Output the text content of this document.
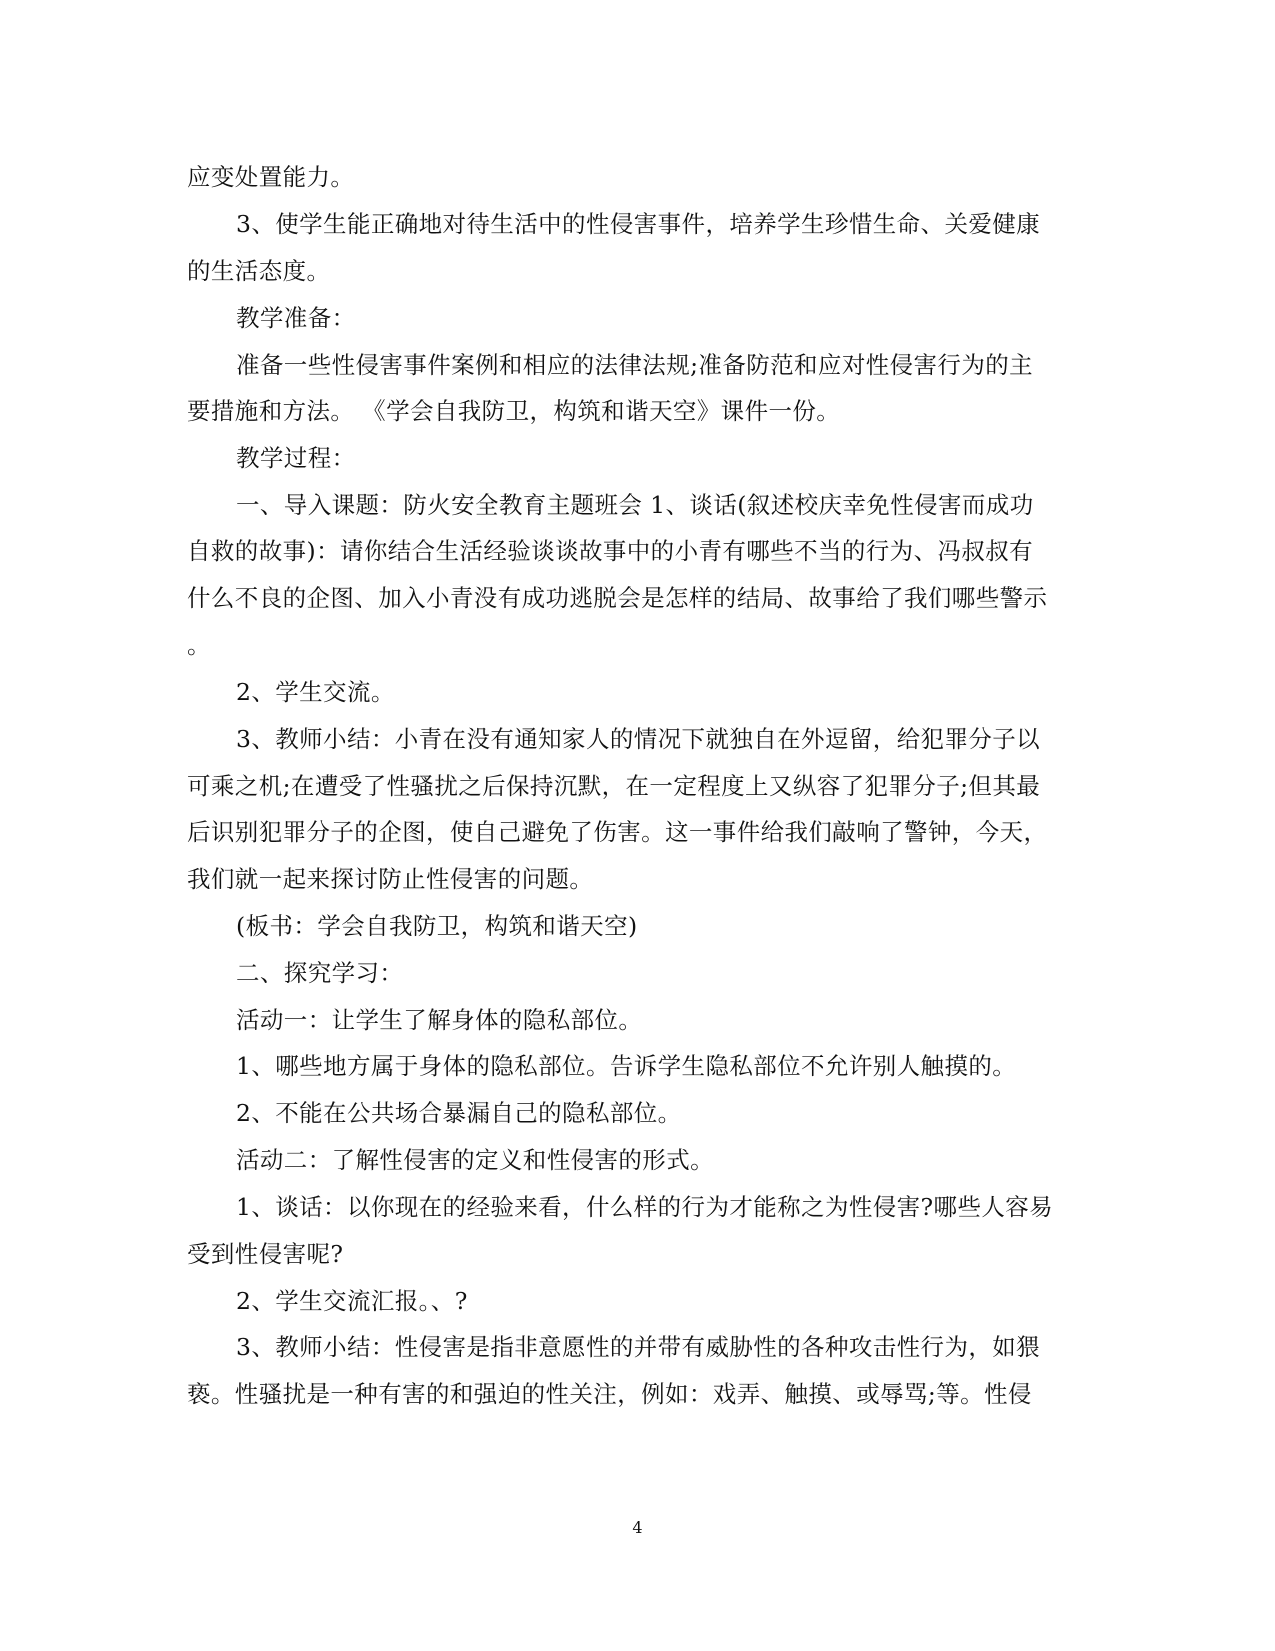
应变处置能力。
3、使学生能正确地对待生活中的性侵害事件，培养学生珍惜生命、关爱健康
的生活态度。
教学准备：
准备一些性侵害事件案例和相应的法律法规;准备防范和应对性侵害行为的主
要措施和方法。 《学会自我防卫，构筑和谐天空》课件一份。
教学过程：
一、导入课题：防火安全教育主题班会 1、谈话(叙述校庆幸免性侵害而成功
自救的故事)：请你结合生活经验谈谈故事中的小青有哪些不当的行为、冯叔叔有
什么不良的企图、加入小青没有成功逃脱会是怎样的结局、故事给了我们哪些警示
。
2、学生交流。
3、教师小结：小青在没有通知家人的情况下就独自在外逗留，给犯罪分子以
可乘之机;在遭受了性骚扰之后保持沉默，在一定程度上又纵容了犯罪分子;但其最
后识别犯罪分子的企图，使自己避免了伤害。这一事件给我们敲响了警钟，今天，
我们就一起来探讨防止性侵害的问题。
(板书：学会自我防卫，构筑和谐天空)
二、探究学习：
活动一：让学生了解身体的隐私部位。
1、哪些地方属于身体的隐私部位。告诉学生隐私部位不允许别人触摸的。
2、不能在公共场合暴漏自己的隐私部位。
活动二：了解性侵害的定义和性侵害的形式。
1、谈话：以你现在的经验来看，什么样的行为才能称之为性侵害?哪些人容易
受到性侵害呢?
2、学生交流汇报。、?
3、教师小结：性侵害是指非意愿性的并带有威胁性的各种攻击性行为，如猥
亵。性骚扰是一种有害的和强迫的性关注，例如：戏弄、触摸、或辱骂;等。性侵
4
